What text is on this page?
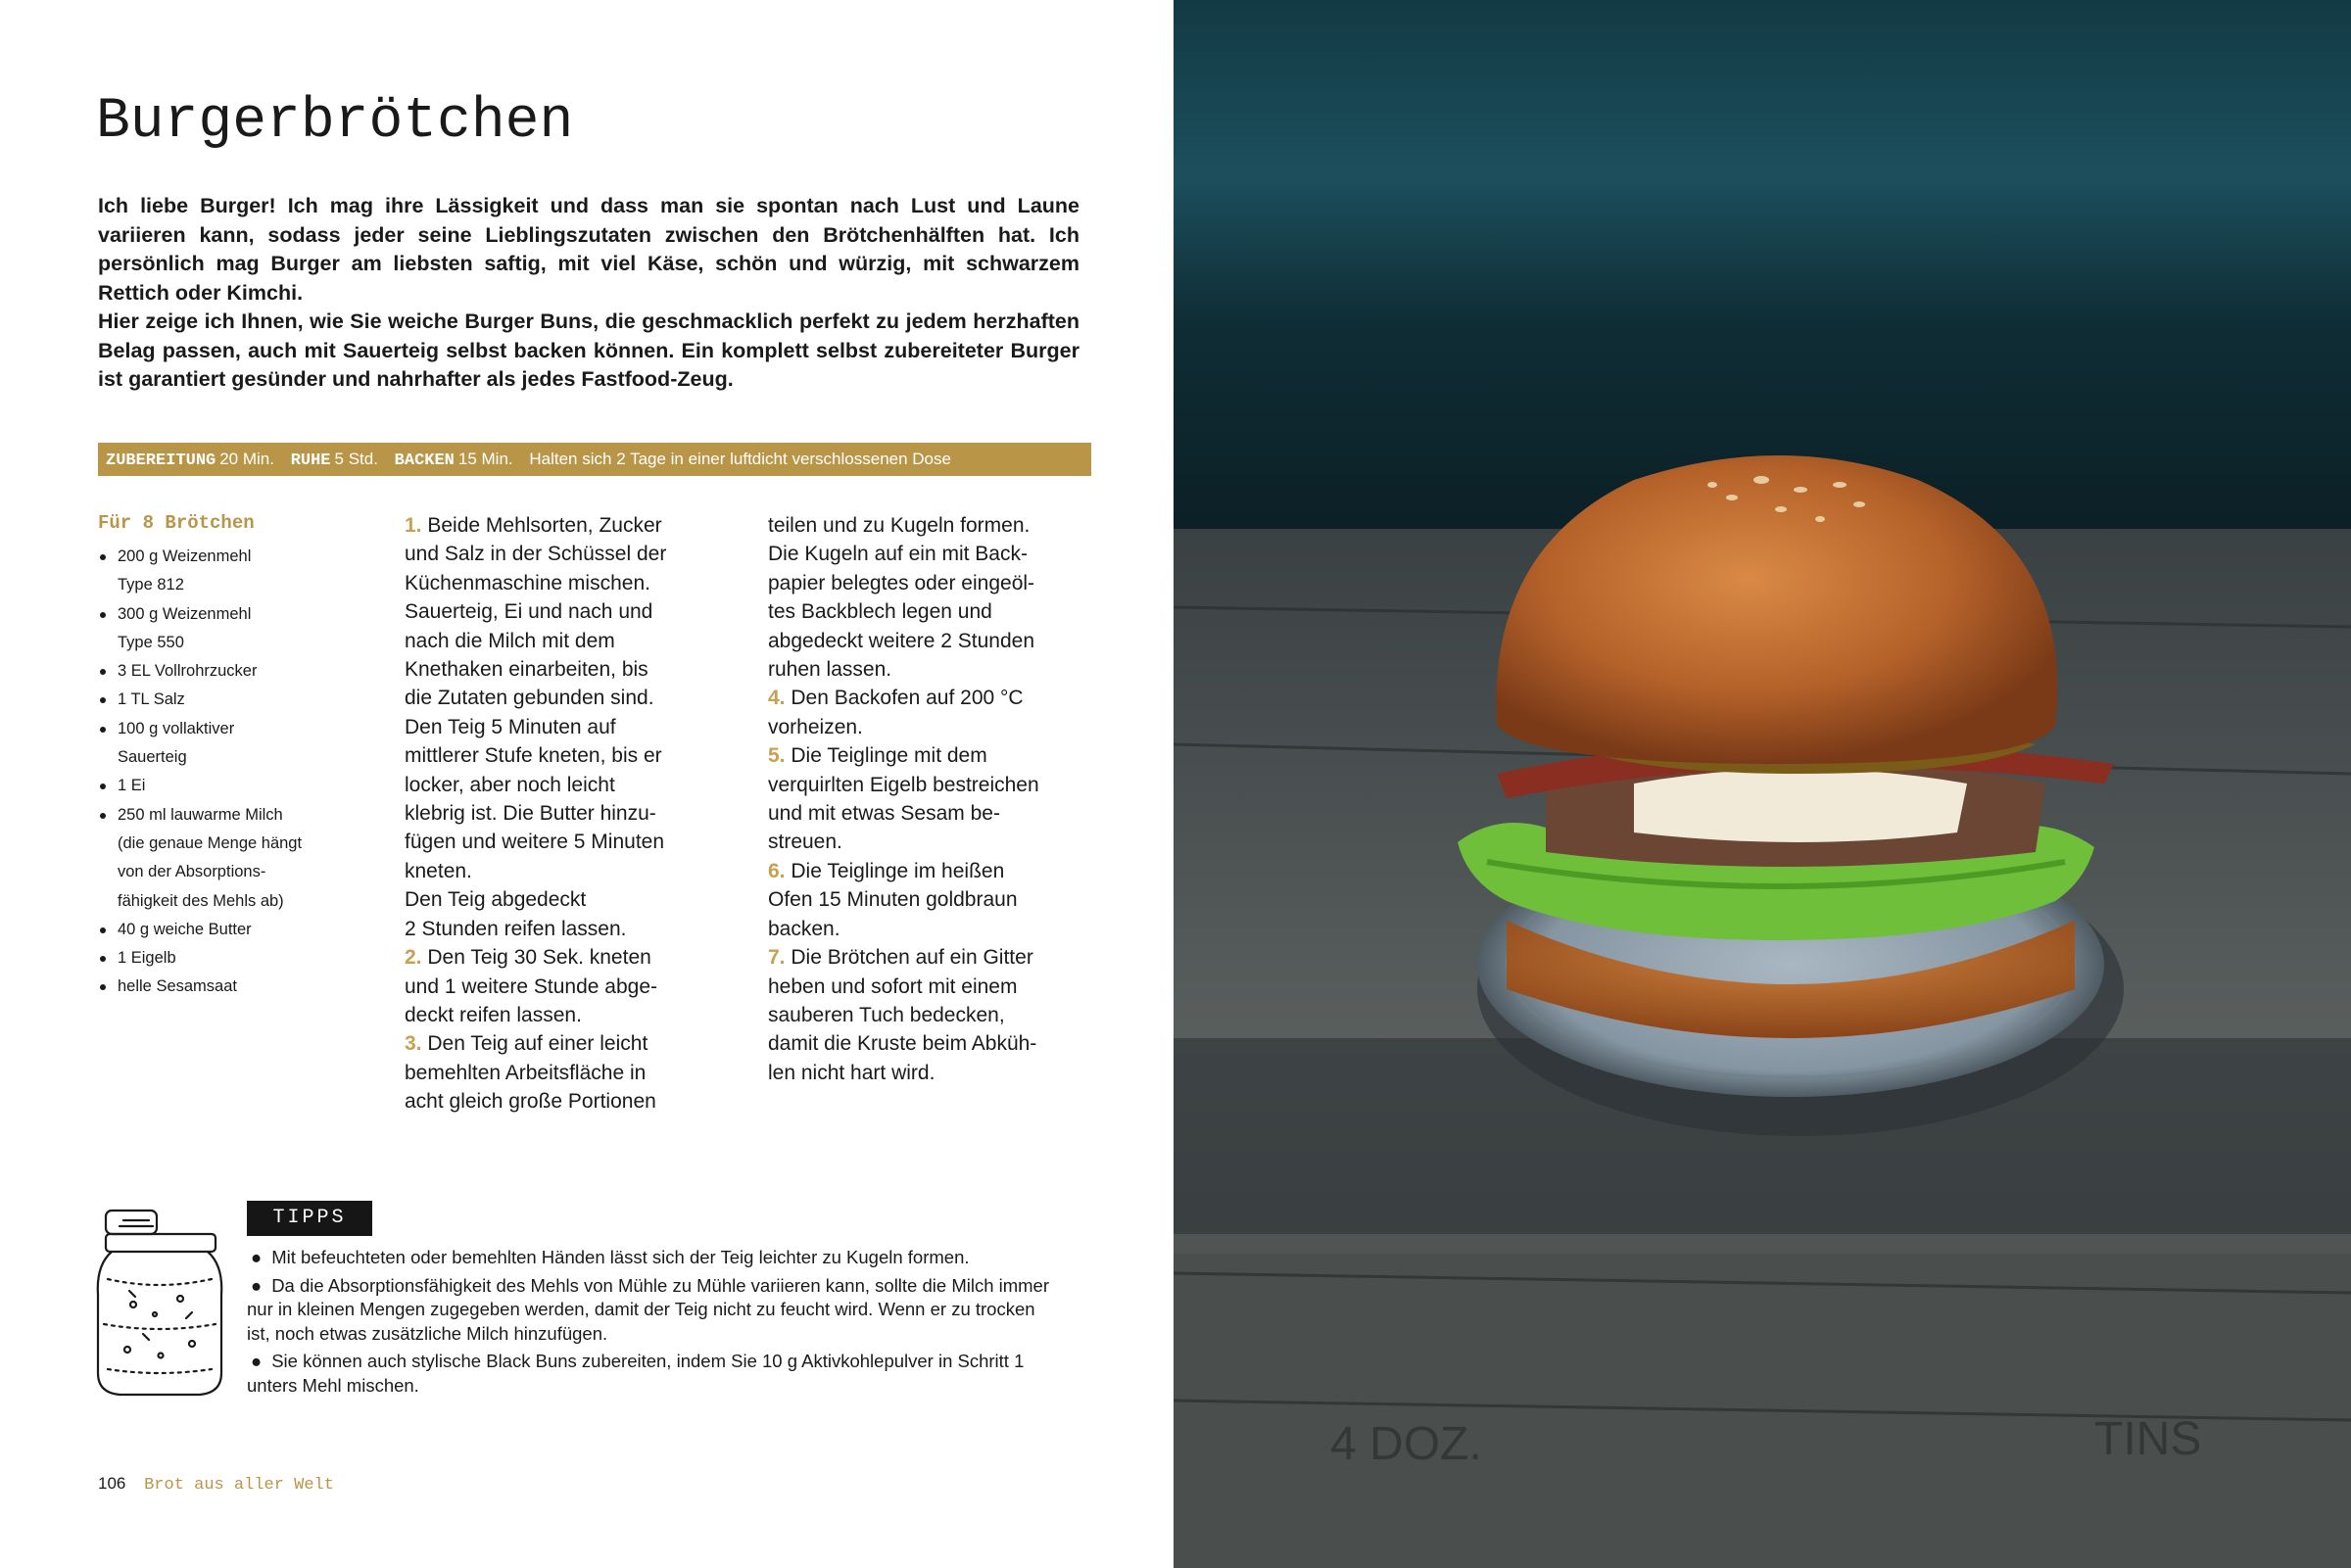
Burgerbrötchen

Ich liebe Burger! Ich mag ihre Lässigkeit und dass man sie spontan nach Lust und Laune variieren kann, sodass jeder seine Lieblingszutaten zwischen den Brötchenhälften hat. Ich persönlich mag Burger am liebsten saftig, mit viel Käse, schön und würzig, mit schwarzem Rettich oder Kimchi.

Hier zeige ich Ihnen, wie Sie weiche Burger Buns, die geschmacklich perfekt zu jedem herzhaften Belag passen, auch mit Sauerteig selbst backen können. Ein komplett selbst zubereiteter Burger ist garantiert gesünder und nahrhafter als jedes Fastfood-Zeug.

ZUBEREITUNG 20 Min. RUHE 5 Std. BACKEN 15 Min. Halten sich 2 Tage in einer luftdicht verschlossenen Dose
Für 8 Brötchen
200 g Weizenmehl
Type 812
300 g Weizenmehl
Type 550
3 EL Vollrohrzucker
1 TL Salz
100 g vollaktiver
Sauerteig
1 Ei
250 ml lauwarme Milch
(die genaue Menge hängt
von der Absorptions-
fähigkeit des Mehls ab)
40 g weiche Butter
1 Eigelb
helle Sesamsaat

1. Beide Mehlsorten, Zucker
und Salz in der Schüssel der
Küchenmaschine mischen.
Sauerteig, Ei und nach und
nach die Milch mit dem
Knethaken einarbeiten, bis
die Zutaten gebunden sind.
Den Teig 5 Minuten auf
mittlerer Stufe kneten, bis er
locker, aber noch leicht
klebrig ist. Die Butter hinzu-
fügen und weitere 5 Minuten
kneten.
Den Teig abgedeckt
2 Stunden reifen lassen.

2. Den Teig 30 Sek. kneten
und 1 weitere Stunde abge-
deckt reifen lassen.

3. Den Teig auf einer leicht
bemehlten Arbeitsfläche in
acht gleich große Portionen

teilen und zu Kugeln formen.
Die Kugeln auf ein mit Back-
papier belegtes oder eingeöl-
tes Backblech legen und
abgedeckt weitere 2 Stunden
ruhen lassen.

4. Den Backofen auf 200 °C
vorheizen.

5. Die Teiglinge mit dem
verquirlten Eigelb bestreichen
und mit etwas Sesam be-
streuen.

6. Die Teiglinge im heißen
Ofen 15 Minuten goldbraun
backen.

7. Die Brötchen auf ein Gitter
heben und sofort mit einem
sauberen Tuch bedecken,
damit die Kruste beim Abküh-
len nicht hart wird.

TIPPS
● Mit befeuchteten oder bemehlten Händen lässt sich der Teig leichter zu Kugeln formen.
● Da die Absorptionsfähigkeit des Mehls von Mühle zu Mühle variieren kann, sollte die Milch immer nur in kleinen Mengen zugegeben werden, damit der Teig nicht zu feucht wird. Wenn er zu trocken ist, noch etwas zusätzliche Milch hinzufügen.
● Sie können auch stylische Black Buns zubereiten, indem Sie 10 g Aktivkohlepulver in Schritt 1 unters Mehl mischen.
106 Brot aus aller Welt
4 DOZ.	TINS
